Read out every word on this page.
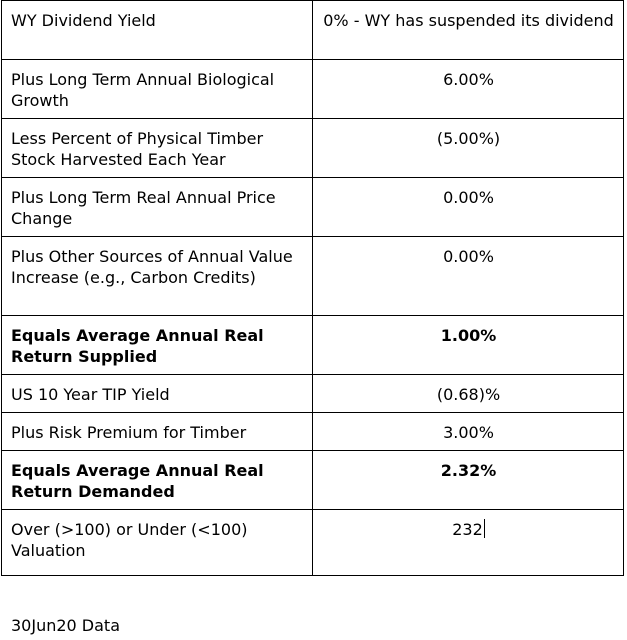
WY Dividend Yield	0% - WY has suspended its dividend
Plus Long Term Annual Biological Growth	6.00%
Less Percent of Physical Timber Stock Harvested Each Year	(5.00%)
Plus Long Term Real Annual Price Change	0.00%
Plus Other Sources of Annual Value Increase (e.g., Carbon Credits)	0.00%
Equals Average Annual Real Return Supplied	1.00%
US 10 Year TIP Yield	(0.68)%
Plus Risk Premium for Timber	3.00%
Equals Average Annual Real Return Demanded	2.32%
Over (>100) or Under (<100) Valuation	232
30Jun20 Data
